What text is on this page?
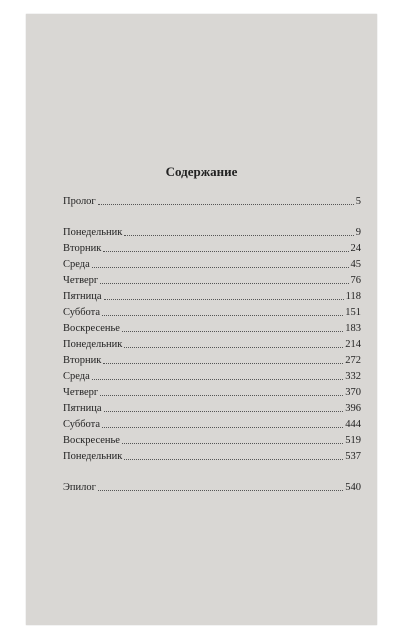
Содержание
Пролог	5
Понедельник	9
Вторник	24
Среда	45
Четверг	76
Пятница	118
Суббота	151
Воскресенье	183
Понедельник	214
Вторник	272
Среда	332
Четверг	370
Пятница	396
Суббота	444
Воскресенье	519
Понедельник	537
Эпилог	540
